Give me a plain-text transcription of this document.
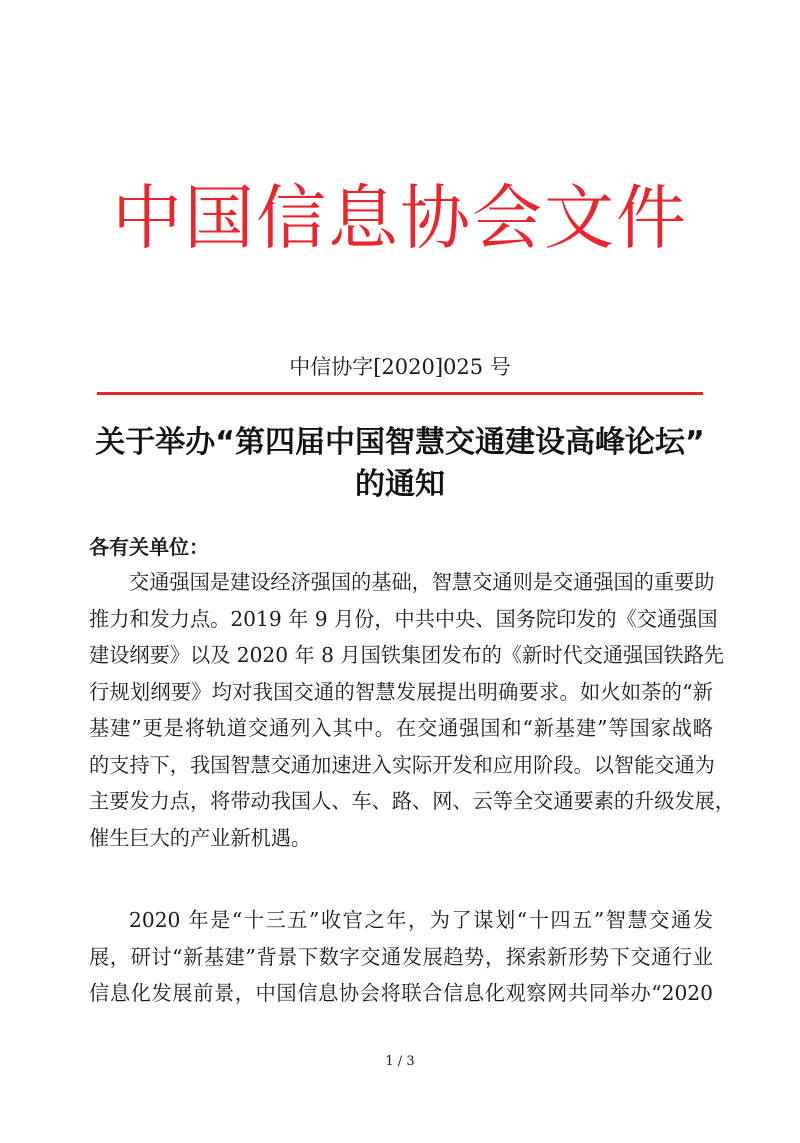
中国信息协会文件
中信协字[2020]025 号
关于举办“第四届中国智慧交通建设高峰论坛”
的通知
各有关单位：
交通强国是建设经济强国的基础，智慧交通则是交通强国的重要助
推力和发力点。2019 年 9 月份，中共中央、国务院印发的《交通强国
建设纲要》以及 2020 年 8 月国铁集团发布的《新时代交通强国铁路先
行规划纲要》均对我国交通的智慧发展提出明确要求。如火如荼的“新
基建”更是将轨道交通列入其中。在交通强国和“新基建”等国家战略
的支持下，我国智慧交通加速进入实际开发和应用阶段。以智能交通为
主要发力点，将带动我国人、车、路、网、云等全交通要素的升级发展，
催生巨大的产业新机遇。
2020 年是“十三五”收官之年，为了谋划“十四五”智慧交通发
展，研讨“新基建”背景下数字交通发展趋势，探索新形势下交通行业
信息化发展前景，中国信息协会将联合信息化观察网共同举办“2020
1 / 3
